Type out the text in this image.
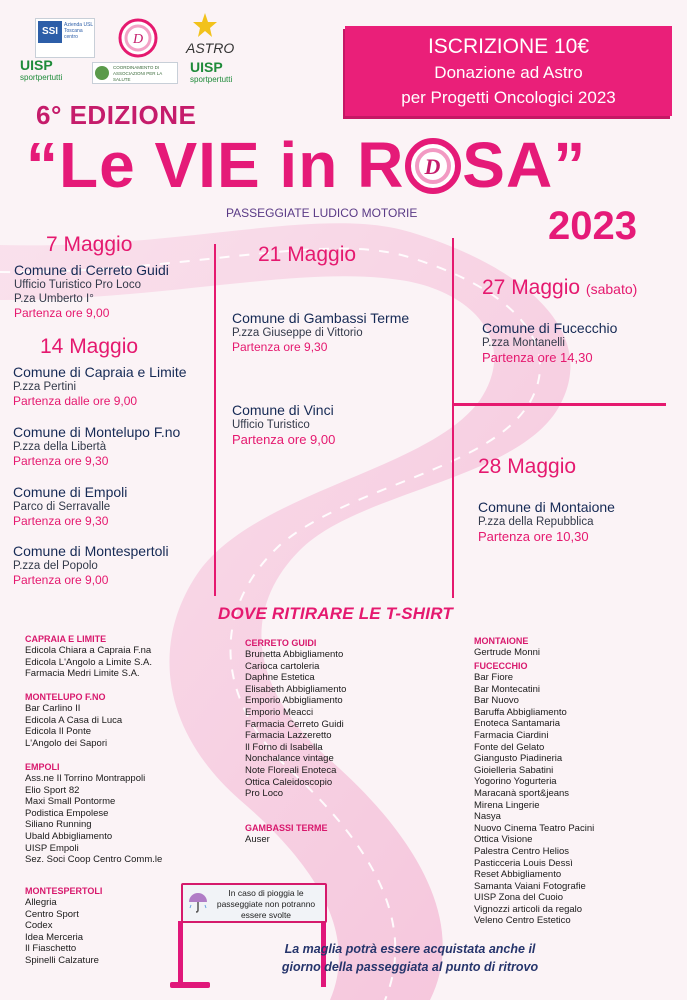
SSI
Azienda USL Toscana centro
UISP
sportpertutti
D
COORDINAMENTO DI ASSOCIAZIONI PER LA SALUTE
ASTRO
UISP
sportpertutti
ISCRIZIONE 10€
Donazione ad Astro
per Progetti Oncologici 2023
6° EDIZIONE
“Le VIE in R D SA”
PASSEGGIATE LUDICO MOTORIE	2023
7 Maggio
Comune di Cerreto Guidi
Ufficio Turistico Pro Loco
P.za Umberto I°
Partenza ore 9,00
14 Maggio
Comune di Capraia e Limite
P.zza Pertini
Partenza dalle ore 9,00
Comune di Montelupo F.no
P.zza della Libertà
Partenza ore 9,30
Comune di Empoli
Parco di Serravalle
Partenza ore 9,30
Comune di Montespertoli
P.zza del Popolo
Partenza ore 9,00
21 Maggio
Comune di Gambassi Terme
P.zza Giuseppe di Vittorio
Partenza ore 9,30
Comune di Vinci
Ufficio Turistico
Partenza ore 9,00
27 Maggio (sabato)
Comune di Fucecchio
P.zza Montanelli
Partenza ore 14,30
28 Maggio
Comune di Montaione
P.zza della Repubblica
Partenza ore 10,30
DOVE RITIRARE LE T-SHIRT
CAPRAIA E LIMITE
Edicola Chiara a Capraia F.na
Edicola L'Angolo a Limite S.A.
Farmacia Medri Limite S.A.
MONTELUPO F.NO
Bar Carlino II
Edicola A Casa di Luca
Edicola Il Ponte
L'Angolo dei Sapori
EMPOLI
Ass.ne Il Torrino Montrappoli
Elio Sport 82
Maxi Small Pontorme
Podistica Empolese
Siliano Running
Ubald Abbigliamento
UISP Empoli
Sez. Soci Coop Centro Comm.le
MONTESPERTOLI
Allegria
Centro Sport
Codex
Idea Merceria
Il Fiaschetto
Spinelli Calzature
CERRETO GUIDI
Brunetta Abbigliamento
Carioca cartoleria
Daphne Estetica
Elisabeth Abbigliamento
Emporio Abbigliamento
Emporio Meacci
Farmacia Cerreto Guidi
Farmacia Lazzeretto
Il Forno di Isabella
Nonchalance vintage
Note Floreali Enoteca
Ottica Caleidoscopio
Pro Loco
GAMBASSI TERME
Auser
MONTAIONE
Gertrude Monni
FUCECCHIO
Bar Fiore
Bar Montecatini
Bar Nuovo
Baruffa Abbigliamento
Enoteca Santamaria
Farmacia Ciardini
Fonte del Gelato
Giangusto Piadineria
Gioielleria Sabatini
Yogorino Yogurteria
Maracanà sport&jeans
Mirena Lingerie
Nasya
Nuovo Cinema Teatro Pacini
Ottica Visione
Palestra Centro Helios
Pasticceria Louis Dessì
Reset Abbigliamento
Samanta Vaiani Fotografie
UISP Zona del Cuoio
Vignozzi articoli da regalo
Veleno Centro Estetico
In caso di pioggia le
passeggiate non potranno
essere svolte
La maglia potrà essere acquistata anche il
giorno della passeggiata al punto di ritrovo
